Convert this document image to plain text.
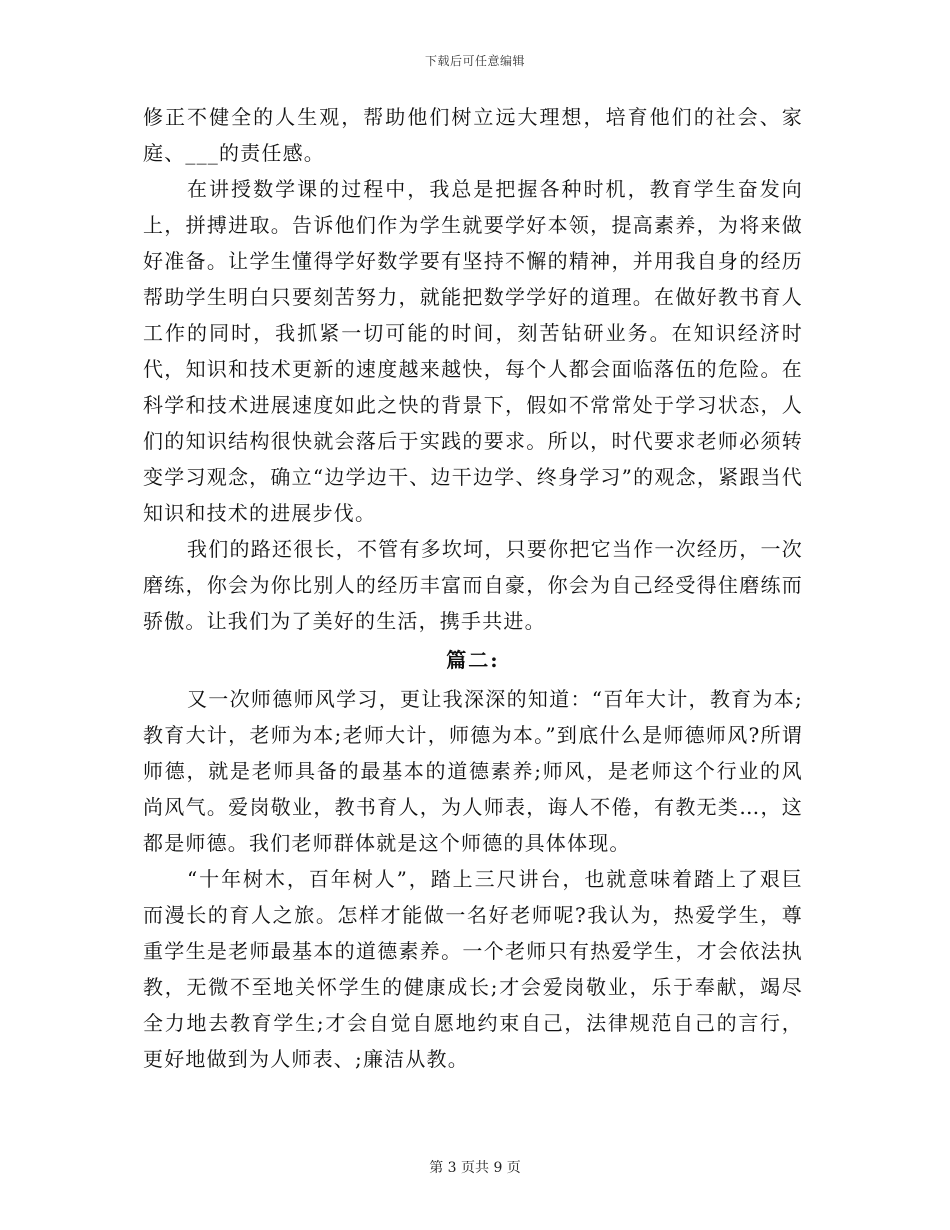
下载后可任意编辑

修正不健全的人生观，帮助他们树立远大理想，培育他们的社会、家庭、___的责任感。

在讲授数学课的过程中，我总是把握各种时机，教育学生奋发向上，拼搏进取。告诉他们作为学生就要学好本领，提高素养，为将来做好准备。让学生懂得学好数学要有坚持不懈的精神，并用我自身的经历帮助学生明白只要刻苦努力，就能把数学学好的道理。在做好教书育人工作的同时，我抓紧一切可能的时间，刻苦钻研业务。在知识经济时代，知识和技术更新的速度越来越快，每个人都会面临落伍的危险。在科学和技术进展速度如此之快的背景下，假如不常常处于学习状态，人们的知识结构很快就会落后于实践的要求。所以，时代要求老师必须转变学习观念，确立“边学边干、边干边学、终身学习”的观念，紧跟当代知识和技术的进展步伐。

我们的路还很长，不管有多坎坷，只要你把它当作一次经历，一次磨练，你会为你比别人的经历丰富而自豪，你会为自己经受得住磨练而骄傲。让我们为了美好的生活，携手共进。

篇二:

又一次师德师风学习，更让我深深的知道：“百年大计，教育为本;教育大计，老师为本;老师大计，师德为本。”到底什么是师德师风?所谓师德，就是老师具备的最基本的道德素养;师风，是老师这个行业的风尚风气。爱岗敬业，教书育人，为人师表，诲人不倦，有教无类…，这都是师德。我们老师群体就是这个师德的具体体现。

“十年树木，百年树人”，踏上三尺讲台，也就意味着踏上了艰巨而漫长的育人之旅。怎样才能做一名好老师呢?我认为，热爱学生，尊重学生是老师最基本的道德素养。一个老师只有热爱学生，才会依法执教，无微不至地关怀学生的健康成长;才会爱岗敬业，乐于奉献，竭尽全力地去教育学生;才会自觉自愿地约束自己，法律规范自己的言行，更好地做到为人师表、;廉洁从教。

第 3 页共 9 页
